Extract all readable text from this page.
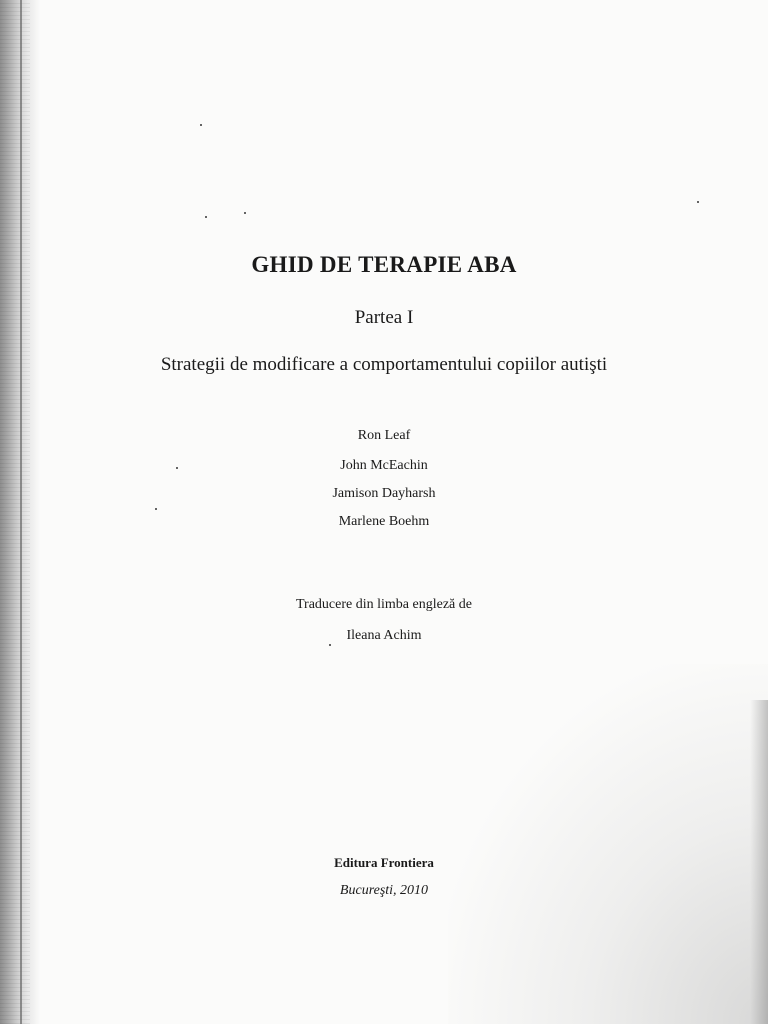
GHID DE TERAPIE ABA
Partea I
Strategii de modificare a comportamentului copiilor autişti
Ron Leaf
John McEachin
Jamison Dayharsh
Marlene Boehm
Traducere din limba engleză de
Ileana Achim
Editura Frontiera
Bucureşti, 2010
